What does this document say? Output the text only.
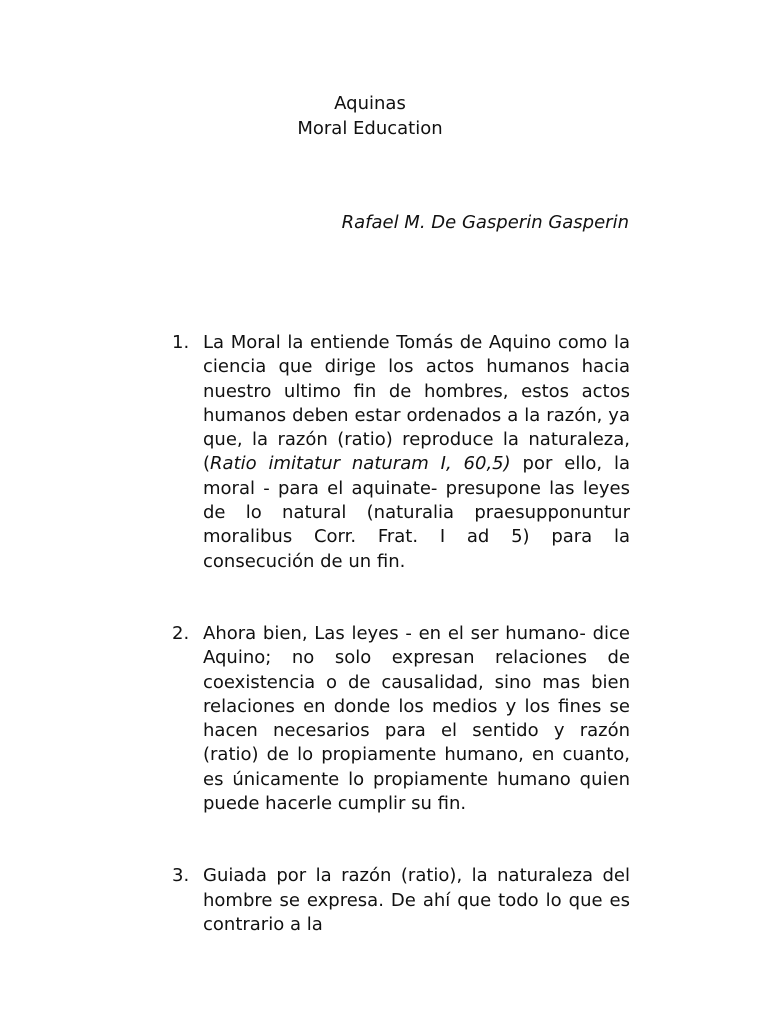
Aquinas
Moral Education
Rafael M. De Gasperin Gasperin
1. La Moral la entiende Tomás de Aquino como la ciencia que dirige los actos humanos hacia nuestro ultimo fin de hombres, estos actos humanos deben estar ordenados a la razón, ya que, la razón (ratio) reproduce la naturaleza, (Ratio imitatur naturam I, 60,5) por ello, la moral - para el aquinate- presupone las leyes de lo natural (naturalia praesupponuntur moralibus Corr. Frat. I ad 5) para la consecución de un fin.
2. Ahora bien, Las leyes - en el ser humano- dice Aquino; no solo expresan relaciones de coexistencia o de causalidad, sino mas bien relaciones en donde los medios y los fines se hacen necesarios para el sentido y razón (ratio) de lo propiamente humano, en cuanto, es únicamente lo propiamente humano quien puede hacerle cumplir su fin.
3. Guiada por la razón (ratio), la naturaleza del hombre se expresa. De ahí que todo lo que es contrario a la
